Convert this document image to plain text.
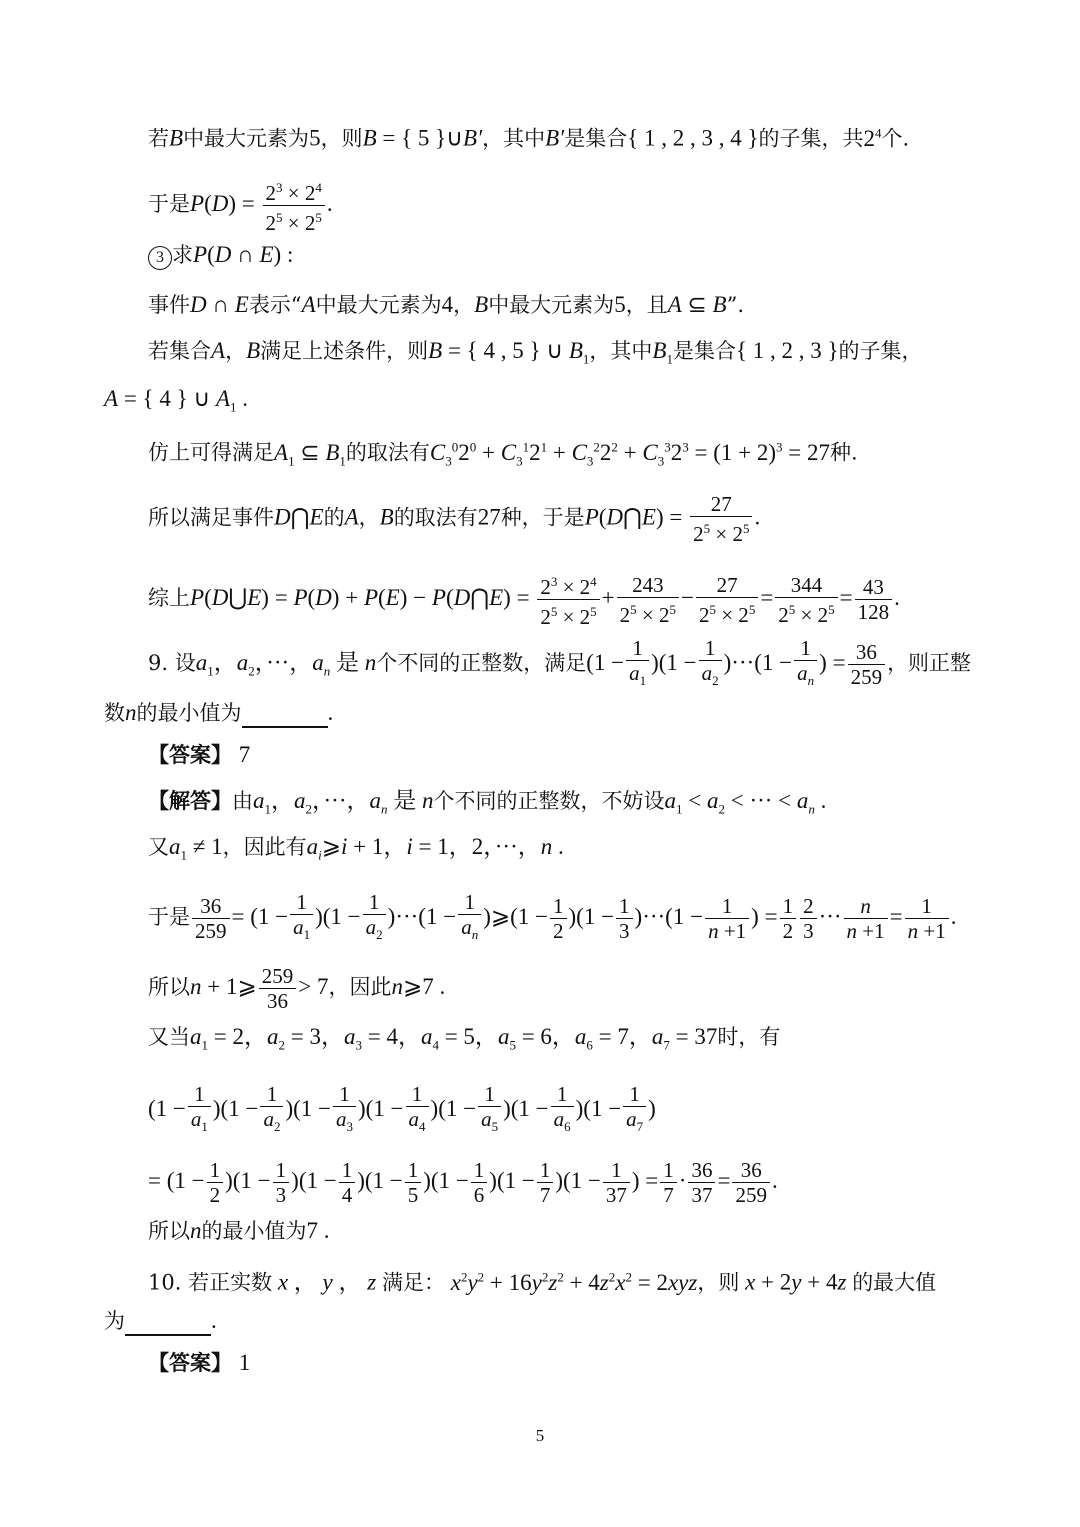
若B中最大元素为5，则B = { 5 }∪B′，其中B′是集合{ 1 , 2 , 3 , 4 }的子集，共$2^4$个.
于是$P(D) = \frac{2^3 \times 2^4}{2^5 \times 2^5}$ .
3 求P(D ∩ E) :
事件D ∩ E表示“A中最大元素为4，B中最大元素为5，且A ⊆ B”.
若集合A，B满足上述条件，则B = { 4 , 5 } ∪ $B_1$，其中$B_1$是集合{ 1 , 2 , 3 }的子集，
A = { 4 } ∪ $A_1$ .
仿上可得满足$A_1$ ⊆ $B_1$的取法有$C_3^02^0 + C_3^12^1 + C_3^22^2 + C_3^32^3 = (1 + 2)^3 = 27$种.
所以满足事件D⋂E的A，B的取法有27种，于是P(D⋂E) = $\frac{27}{2^5 \times 2^5}$ .
综上P(D⋃E) = P(D) + P(E) − P(D⋂E) = $\frac{2^3 \times 2^4}{2^5 \times 2^5} + \frac{243}{2^5 \times 2^5} - \frac{27}{2^5 \times 2^5} = \frac{344}{2^5 \times 2^5} = \frac{43}{128}$ .
9. 设$a_1$，$a_2$，···，$a_n$ 是 n个不同的正整数，满足$(1 - \frac{1}{a_1} )(1 - \frac{1}{a_2} )\cdot\cdot\cdot(1 - \frac{1}{a_n}$ ) = $\frac{36}{259}$ ，则正整
数n的最小值为	.
【答案】 7
【解答】由$a_1$，$a_2$，···，$a_n$ 是 n个不同的正整数，不妨设$a_1 < a_2$ < ··· < $a_n$ .
又$a_1 \ne 1$，因此有$a_i⩾i + 1$，i = 1，2，···，n .
于是 $\frac{36}{259} = (1 - \frac{1}{a_1} )(1 - \frac{1}{a_2} )\cdot\cdot\cdot(1 - \frac{1}{a_n}$ )⩾(1 − $\frac{1}{2} )(1 - \frac{1}{3} )\cdot\cdot\cdot(1 - \frac{1}{n +1}$ ) = $\frac{1}{2} \frac{2}{3}$ ··· $\frac{n}{n +1} = \frac{1}{n +1}$ .
所以n + 1⩾ $\frac{259}{36} > 7$，因此n⩾7 .
又当$a_1 = 2$，$a_2 = 3$，$a_3 = 4$，$a_4 = 5$，$a_5 = 6$，$a_6 = 7$，$a_7 = 37$时，有
$(1 - \frac{1}{a_1} )(1 - \frac{1}{a_2} )(1 - \frac{1}{a_3} )(1 - \frac{1}{a_4} )(1 - \frac{1}{a_5} )(1 - \frac{1}{a_6} )(1 - \frac{1}{a_7}$ )
= $(1 - \frac{1}{2} )(1 - \frac{1}{3} )(1 - \frac{1}{4} )(1 - \frac{1}{5} )(1 - \frac{1}{6} )(1 - \frac{1}{7} )(1 - \frac{1}{37}$ ) = $\frac{1}{7} \cdot \frac{36}{37} = \frac{36}{259}$ .
所以n的最小值为7 .
10. 若正实数 x ， y ， z 满足： $x^2y^2 + 16y^2z^2 + 4z^2x^2 = 2xyz$，则 x + 2y + 4z 的最大值
为	.
【答案】 1
5
